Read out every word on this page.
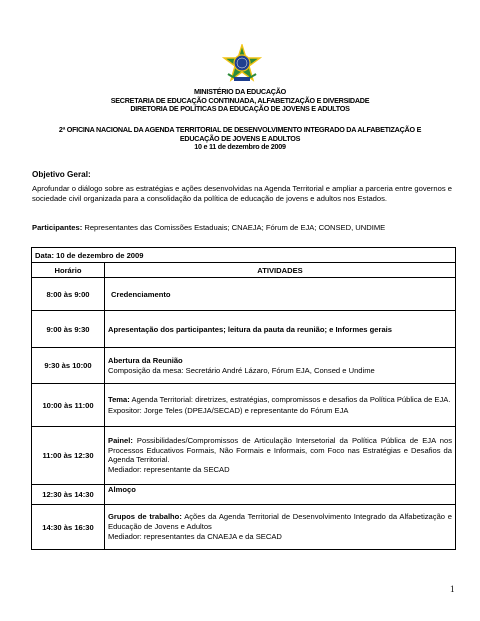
MINISTÉRIO DA EDUCAÇÃO
SECRETARIA DE EDUCAÇÃO CONTINUADA, ALFABETIZAÇÃO E DIVERSIDADE
DIRETORIA DE POLÍTICAS DA EDUCAÇÃO DE JOVENS E ADULTOS
2ª OFICINA NACIONAL DA AGENDA TERRITORIAL DE DESENVOLVIMENTO INTEGRADO DA ALFABETIZAÇÃO E
EDUCAÇÃO DE JOVENS E ADULTOS
10 e 11 de dezembro de 2009
Objetivo Geral:
Aprofundar o diálogo sobre as estratégias e ações desenvolvidas na Agenda Territorial e ampliar a parceria entre governos e sociedade civil organizada para a consolidação da política de educação de jovens e adultos nos Estados.
Participantes: Representantes das Comissões Estaduais; CNAEJA; Fórum de EJA; CONSED, UNDIME
Data: 10 de dezembro de 2009	
Horário	ATIVIDADES
8:00 às 9:00	Credenciamento
9:00 às 9:30	Apresentação dos participantes; leitura da pauta da reunião; e Informes gerais
9:30 às 10:00	Abertura da Reunião
Composição da mesa: Secretário André Lázaro, Fórum EJA, Consed e Undime

10:00 às 11:00	Tema: Agenda Territorial: diretrizes, estratégias, compromissos e desafios da Política Pública de EJA.
Expositor: Jorge Teles (DPEJA/SECAD) e representante do Fórum EJA

11:00 às 12:30	Painel: Possibilidades/Compromissos de Articulação Intersetorial da Política Pública de EJA nos Processos Educativos Formais, Não Formais e Informais, com Foco nas Estratégias e Desafios da Agenda Territorial.
Mediador: representante da SECAD

12:30 às 14:30	Almoço
14:30 às 16:30	Grupos de trabalho: Ações da Agenda Territorial de Desenvolvimento Integrado da Alfabetização e Educação de Jovens e Adultos
Mediador: representantes da CNAEJA e da SECAD
1
